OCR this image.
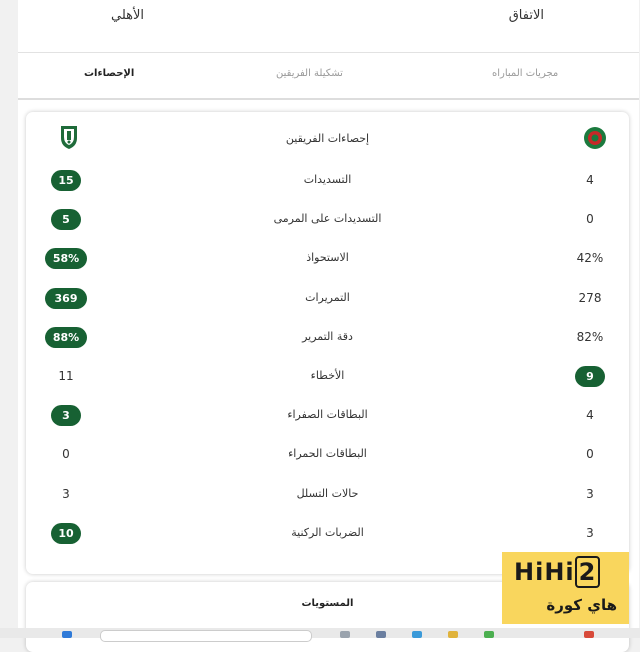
الأهلي	الاتفاق
الإحصاءات	تشكيلة الفريقين	مجريات المباراه
إحصاءات الفريقين
15	التسديدات	4
5	التسديدات على المرمى	0
58%	الاستحواذ	42%
369	التمريرات	278
88%	دقة التمرير	82%
11	الأخطاء	9
3	البطاقات الصفراء	4
0	البطاقات الحمراء	0
3	حالات التسلل	3
10	الضربات الركنية	3
المستويات
HiHi 2
هاي كورة
